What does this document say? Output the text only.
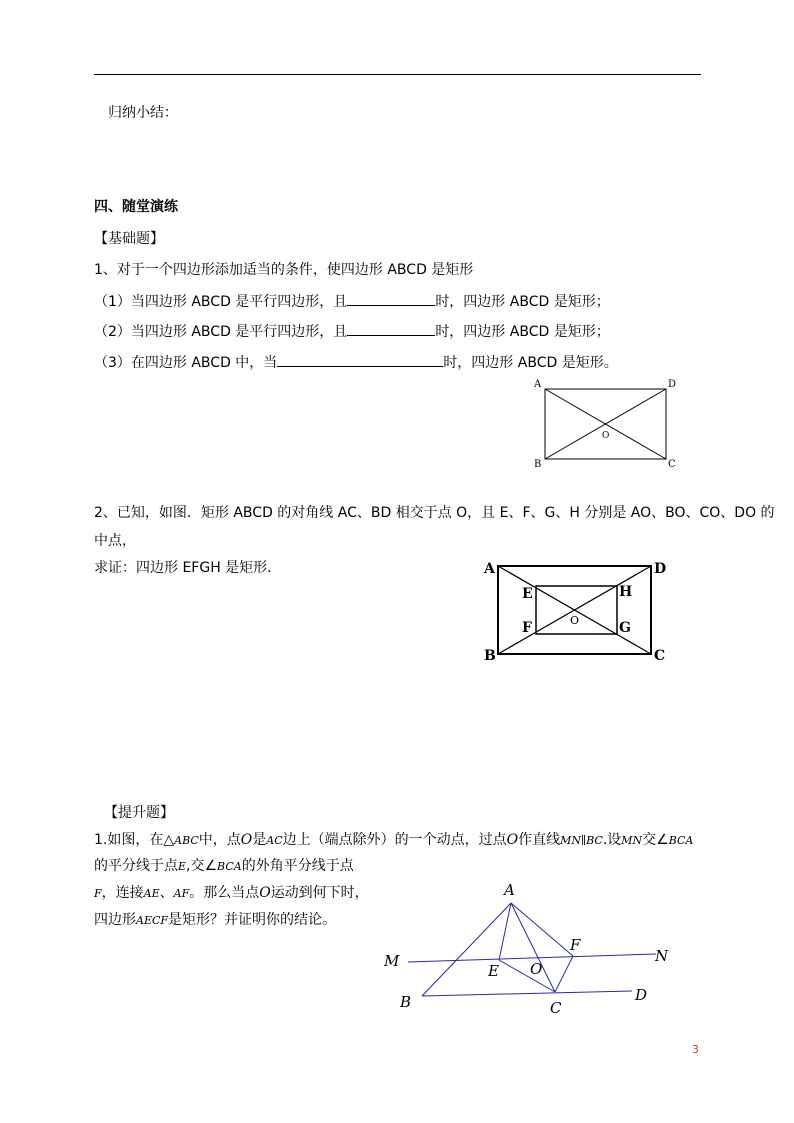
归纳小结：
四、随堂演练
【基础题】
1、对于一个四边形添加适当的条件，使四边形 ABCD 是矩形
（1）当四边形 ABCD 是平行四边形，且	时，四边形 ABCD 是矩形；
（2）当四边形 ABCD 是平行四边形，且	时，四边形 ABCD 是矩形；
（3）在四边形 ABCD 中，当	时，四边形 ABCD 是矩形。
A	D
B	C
O
2、已知，如图．矩形 ABCD 的对角线 AC、BD 相交于点 O，且 E、F、G、H 分别是 AO、BO、CO、DO 的
中点，
求证：四边形 EFGH 是矩形．	A	D
B	C
E	H
F	G
O
【提升题】
1.如图，在△ABC中，点O是AC边上（端点除外）的一个动点，过点O作直线MN∥BC.设MN交∠BCA
的平分线于点E,交∠BCA的外角平分线于点
F，连接AE、AF。那么当点O运动到何下时，
四边形AECF是矩形？并证明你的结论。
A
M	N
B	D
C
E O
F
3
